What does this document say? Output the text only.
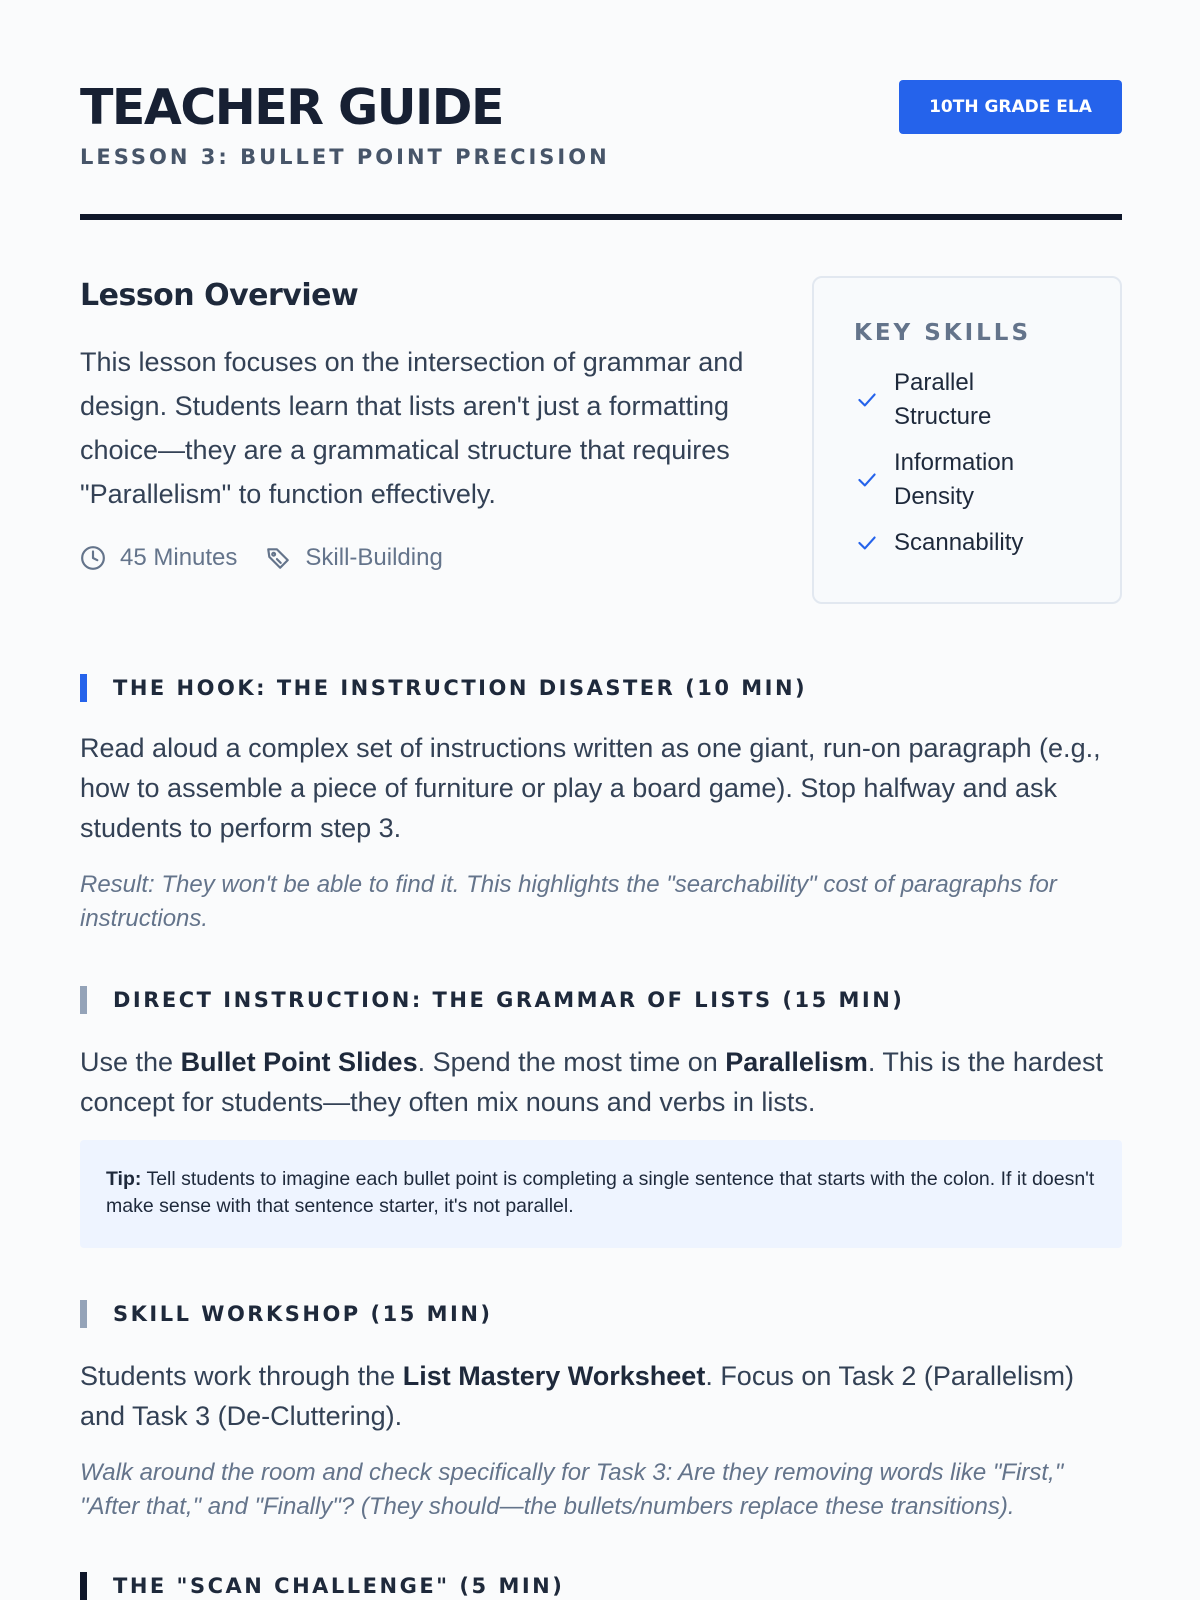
TEACHER GUIDE
LESSON 3: BULLET POINT PRECISION
10TH GRADE ELA
Lesson Overview

This lesson focuses on the intersection of grammar and design. Students learn that lists aren't just a formatting choice—they are a grammatical structure that requires "Parallelism" to function effectively.

45 Minutes	Skill-Building
KEY SKILLS
Parallel Structure
Information Density
Scannability
THE HOOK: THE INSTRUCTION DISASTER (10 MIN)

Read aloud a complex set of instructions written as one giant, run-on paragraph (e.g., how to assemble a piece of furniture or play a board game). Stop halfway and ask students to perform step 3.

Result: They won't be able to find it. This highlights the "searchability" cost of paragraphs for instructions.

DIRECT INSTRUCTION: THE GRAMMAR OF LISTS (15 MIN)

Use the Bullet Point Slides. Spend the most time on Parallelism. This is the hardest concept for students—they often mix nouns and verbs in lists.

Tip: Tell students to imagine each bullet point is completing a single sentence that starts with the colon. If it doesn't make sense with that sentence starter, it's not parallel.
SKILL WORKSHOP (15 MIN)

Students work through the List Mastery Worksheet. Focus on Task 2 (Parallelism) and Task 3 (De-Cluttering).

Walk around the room and check specifically for Task 3: Are they removing words like "First," "After that," and "Finally"? (They should—the bullets/numbers replace these transitions).

THE "SCAN CHALLENGE" (5 MIN)
